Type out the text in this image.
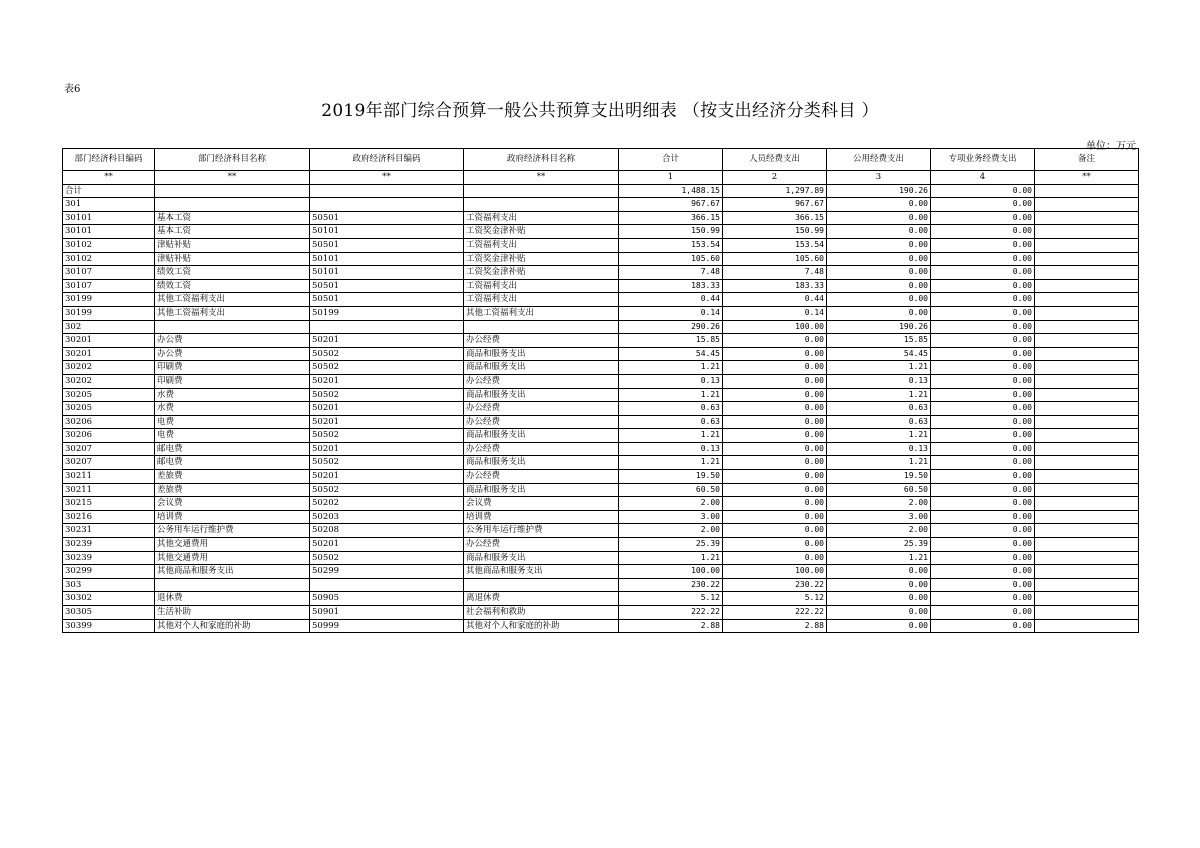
表6
2019年部门综合预算一般公共预算支出明细表 （按支出经济分类科目 ）
单位：万元
部门经济科目编码	部门经济科目名称	政府经济科目编码	政府经济科目名称	合计	人员经费支出	公用经费支出	专项业务经费支出	备注
**	**	**	**	1	2	3	4	**
合计				1,488.15	1,297.89	190.26	0.00	
301				967.67	967.67	0.00	0.00	
30101	基本工资	50501	工资福利支出	366.15	366.15	0.00	0.00	
30101	基本工资	50101	工资奖金津补贴	150.99	150.99	0.00	0.00	
30102	津贴补贴	50501	工资福利支出	153.54	153.54	0.00	0.00	
30102	津贴补贴	50101	工资奖金津补贴	105.60	105.60	0.00	0.00	
30107	绩效工资	50101	工资奖金津补贴	7.48	7.48	0.00	0.00	
30107	绩效工资	50501	工资福利支出	183.33	183.33	0.00	0.00	
30199	其他工资福利支出	50501	工资福利支出	0.44	0.44	0.00	0.00	
30199	其他工资福利支出	50199	其他工资福利支出	0.14	0.14	0.00	0.00	
302				290.26	100.00	190.26	0.00	
30201	办公费	50201	办公经费	15.85	0.00	15.85	0.00	
30201	办公费	50502	商品和服务支出	54.45	0.00	54.45	0.00	
30202	印刷费	50502	商品和服务支出	1.21	0.00	1.21	0.00	
30202	印刷费	50201	办公经费	0.13	0.00	0.13	0.00	
30205	水费	50502	商品和服务支出	1.21	0.00	1.21	0.00	
30205	水费	50201	办公经费	0.63	0.00	0.63	0.00	
30206	电费	50201	办公经费	0.63	0.00	0.63	0.00	
30206	电费	50502	商品和服务支出	1.21	0.00	1.21	0.00	
30207	邮电费	50201	办公经费	0.13	0.00	0.13	0.00	
30207	邮电费	50502	商品和服务支出	1.21	0.00	1.21	0.00	
30211	差旅费	50201	办公经费	19.50	0.00	19.50	0.00	
30211	差旅费	50502	商品和服务支出	60.50	0.00	60.50	0.00	
30215	会议费	50202	会议费	2.00	0.00	2.00	0.00	
30216	培训费	50203	培训费	3.00	0.00	3.00	0.00	
30231	公务用车运行维护费	50208	公务用车运行维护费	2.00	0.00	2.00	0.00	
30239	其他交通费用	50201	办公经费	25.39	0.00	25.39	0.00	
30239	其他交通费用	50502	商品和服务支出	1.21	0.00	1.21	0.00	
30299	其他商品和服务支出	50299	其他商品和服务支出	100.00	100.00	0.00	0.00	
303				230.22	230.22	0.00	0.00	
30302	退休费	50905	离退休费	5.12	5.12	0.00	0.00	
30305	生活补助	50901	社会福利和救助	222.22	222.22	0.00	0.00	
30399	其他对个人和家庭的补助	50999	其他对个人和家庭的补助	2.88	2.88	0.00	0.00	
